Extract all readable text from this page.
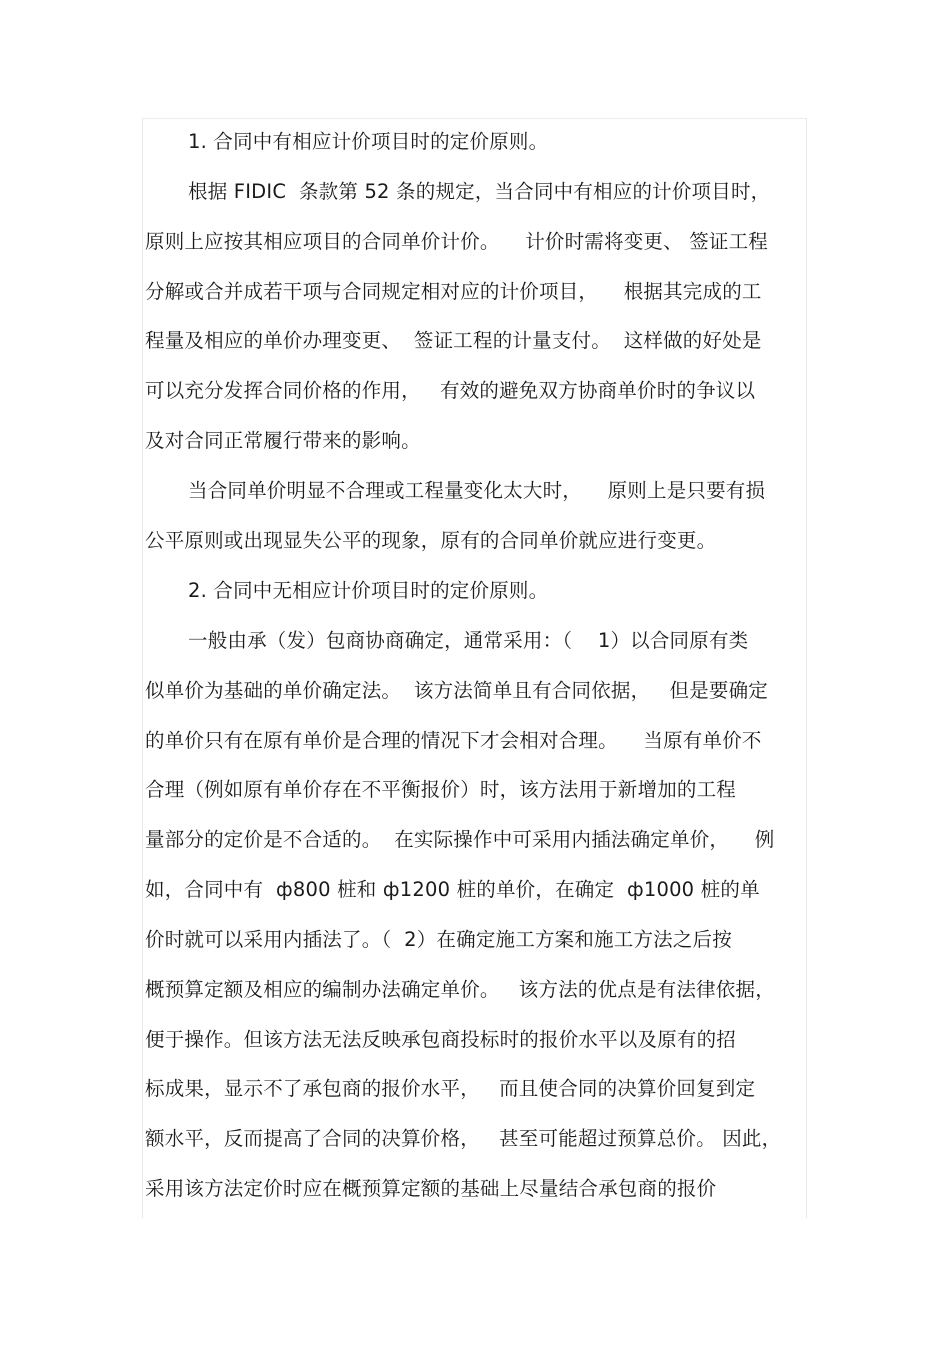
1. 合同中有相应计价项目时的定价原则。
根据 FIDIC  条款第 52 条的规定，当合同中有相应的计价项目时，
原则上应按其相应项目的合同单价计价。    计价时需将变更、 签证工程
分解或合并成若干项与合同规定相对应的计价项目，    根据其完成的工
程量及相应的单价办理变更、  签证工程的计量支付。  这样做的好处是
可以充分发挥合同价格的作用，   有效的避免双方协商单价时的争议以
及对合同正常履行带来的影响。
当合同单价明显不合理或工程量变化太大时，    原则上是只要有损
公平原则或出现显失公平的现象，原有的合同单价就应进行变更。
2. 合同中无相应计价项目时的定价原则。
一般由承（发）包商协商确定，通常采用：（    1）以合同原有类
似单价为基础的单价确定法。  该方法简单且有合同依据，   但是要确定
的单价只有在原有单价是合理的情况下才会相对合理。    当原有单价不
合理（例如原有单价存在不平衡报价）时，该方法用于新增加的工程
量部分的定价是不合适的。  在实际操作中可采用内插法确定单价，    例
如，合同中有  ф800 桩和 ф1200 桩的单价，在确定  ф1000 桩的单
价时就可以采用内插法了。（  2）在确定施工方案和施工方法之后按
概预算定额及相应的编制办法确定单价。   该方法的优点是有法律依据，
便于操作。但该方法无法反映承包商投标时的报价水平以及原有的招
标成果，显示不了承包商的报价水平，   而且使合同的决算价回复到定
额水平，反而提高了合同的决算价格，   甚至可能超过预算总价。 因此，
采用该方法定价时应在概预算定额的基础上尽量结合承包商的报价
